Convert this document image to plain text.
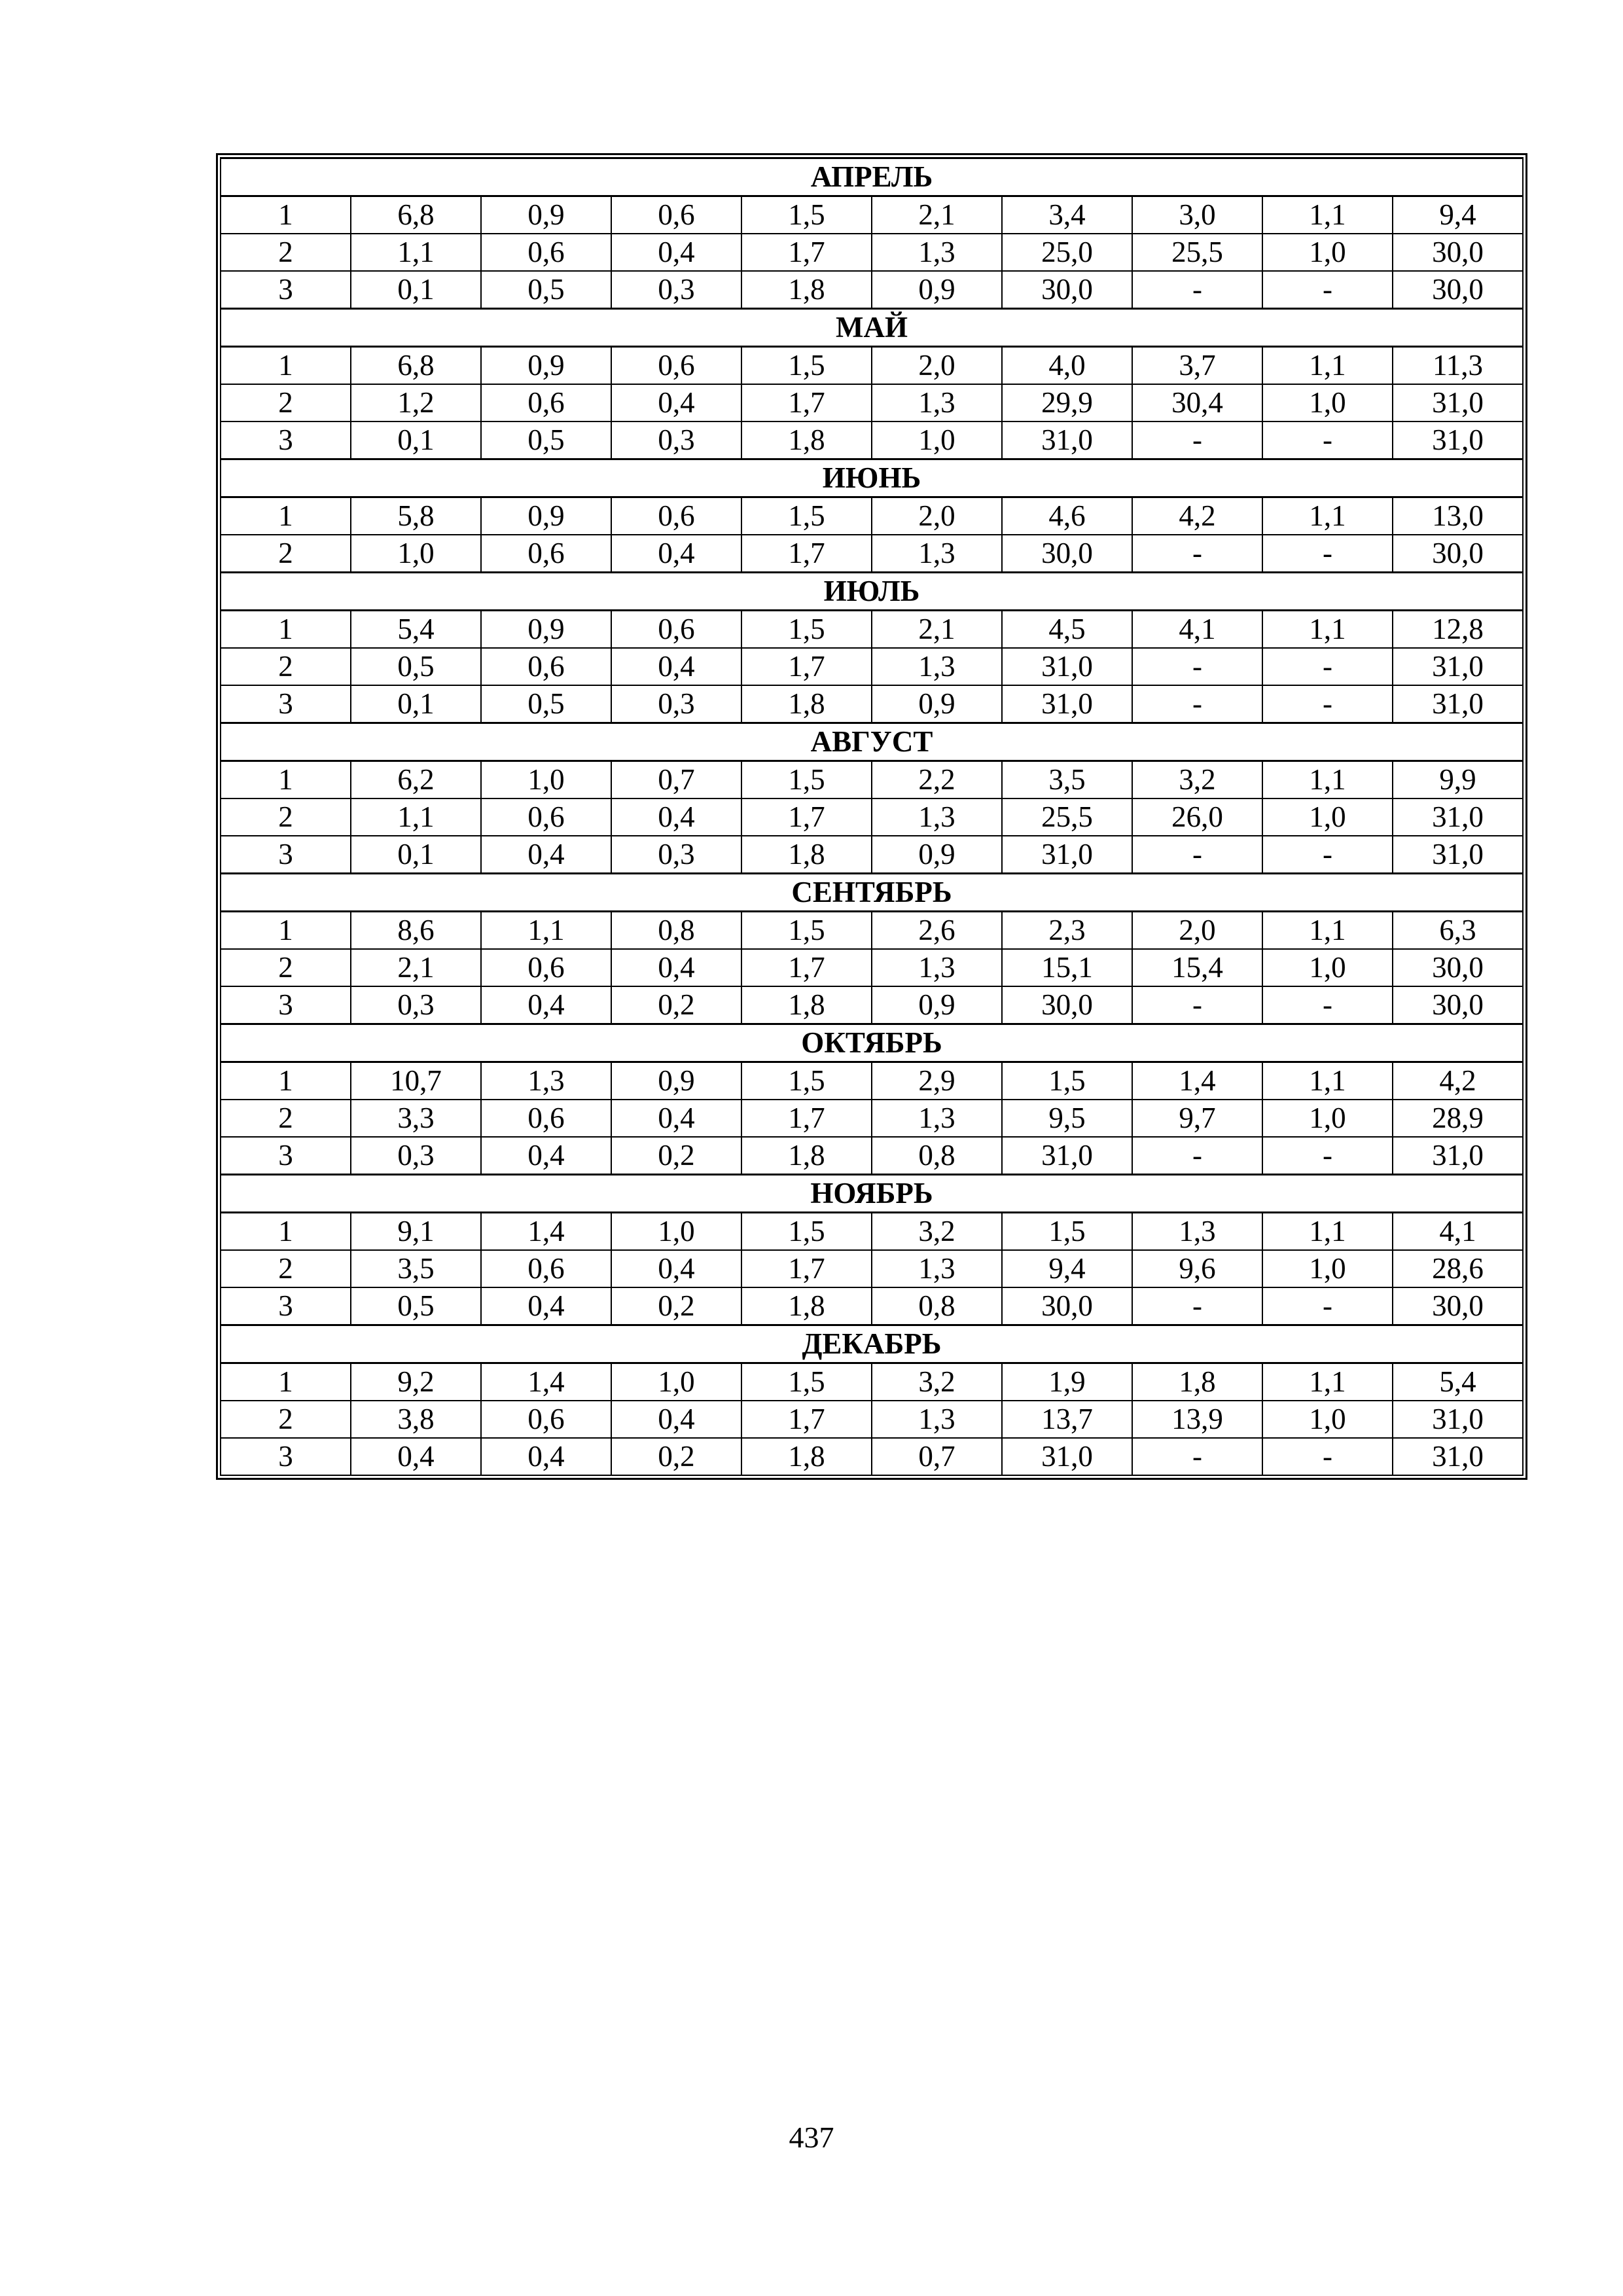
АПРЕЛЬ									
1	6,8	0,9	0,6	1,5	2,1	3,4	3,0	1,1	9,4
2	1,1	0,6	0,4	1,7	1,3	25,0	25,5	1,0	30,0
3	0,1	0,5	0,3	1,8	0,9	30,0	-	-	30,0
МАЙ									
1	6,8	0,9	0,6	1,5	2,0	4,0	3,7	1,1	11,3
2	1,2	0,6	0,4	1,7	1,3	29,9	30,4	1,0	31,0
3	0,1	0,5	0,3	1,8	1,0	31,0	-	-	31,0
ИЮНЬ									
1	5,8	0,9	0,6	1,5	2,0	4,6	4,2	1,1	13,0
2	1,0	0,6	0,4	1,7	1,3	30,0	-	-	30,0
ИЮЛЬ									
1	5,4	0,9	0,6	1,5	2,1	4,5	4,1	1,1	12,8
2	0,5	0,6	0,4	1,7	1,3	31,0	-	-	31,0
3	0,1	0,5	0,3	1,8	0,9	31,0	-	-	31,0
АВГУСТ									
1	6,2	1,0	0,7	1,5	2,2	3,5	3,2	1,1	9,9
2	1,1	0,6	0,4	1,7	1,3	25,5	26,0	1,0	31,0
3	0,1	0,4	0,3	1,8	0,9	31,0	-	-	31,0
СЕНТЯБРЬ									
1	8,6	1,1	0,8	1,5	2,6	2,3	2,0	1,1	6,3
2	2,1	0,6	0,4	1,7	1,3	15,1	15,4	1,0	30,0
3	0,3	0,4	0,2	1,8	0,9	30,0	-	-	30,0
ОКТЯБРЬ									
1	10,7	1,3	0,9	1,5	2,9	1,5	1,4	1,1	4,2
2	3,3	0,6	0,4	1,7	1,3	9,5	9,7	1,0	28,9
3	0,3	0,4	0,2	1,8	0,8	31,0	-	-	31,0
НОЯБРЬ									
1	9,1	1,4	1,0	1,5	3,2	1,5	1,3	1,1	4,1
2	3,5	0,6	0,4	1,7	1,3	9,4	9,6	1,0	28,6
3	0,5	0,4	0,2	1,8	0,8	30,0	-	-	30,0
ДЕКАБРЬ									
1	9,2	1,4	1,0	1,5	3,2	1,9	1,8	1,1	5,4
2	3,8	0,6	0,4	1,7	1,3	13,7	13,9	1,0	31,0
3	0,4	0,4	0,2	1,8	0,7	31,0	-	-	31,0
437
